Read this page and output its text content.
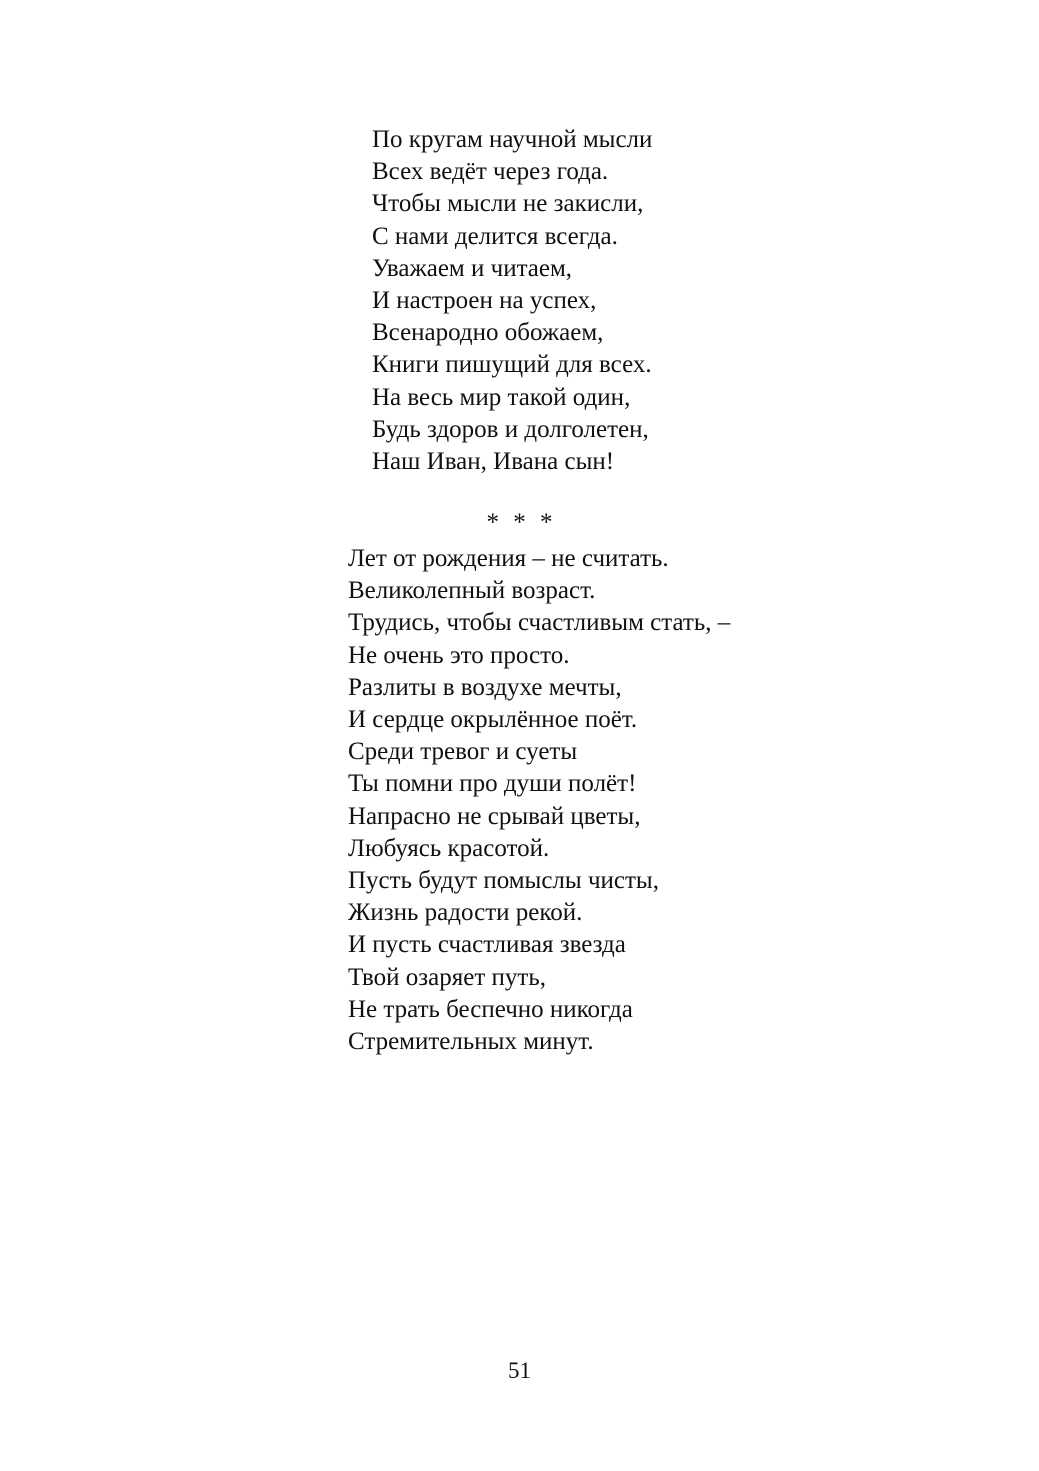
По кругам научной мысли
Всех ведёт через года.
Чтобы мысли не закисли,
С нами делится всегда.
Уважаем и читаем,
И настроен на успех,
Всенародно обожаем,
Книги пишущий для всех.
На весь мир такой один,
Будь здоров и долголетен,
Наш Иван, Ивана сын!
* * *
Лет от рождения – не считать.
Великолепный возраст.
Трудись, чтобы счастливым стать, –
Не очень это просто.
Разлиты в воздухе мечты,
И сердце окрылённое поёт.
Среди тревог и суеты
Ты помни про души полёт!
Напрасно не срывай цветы,
Любуясь красотой.
Пусть будут помыслы чисты,
Жизнь радости рекой.
И пусть счастливая звезда
Твой озаряет путь,
Не трать беспечно никогда
Стремительных минут.
51
